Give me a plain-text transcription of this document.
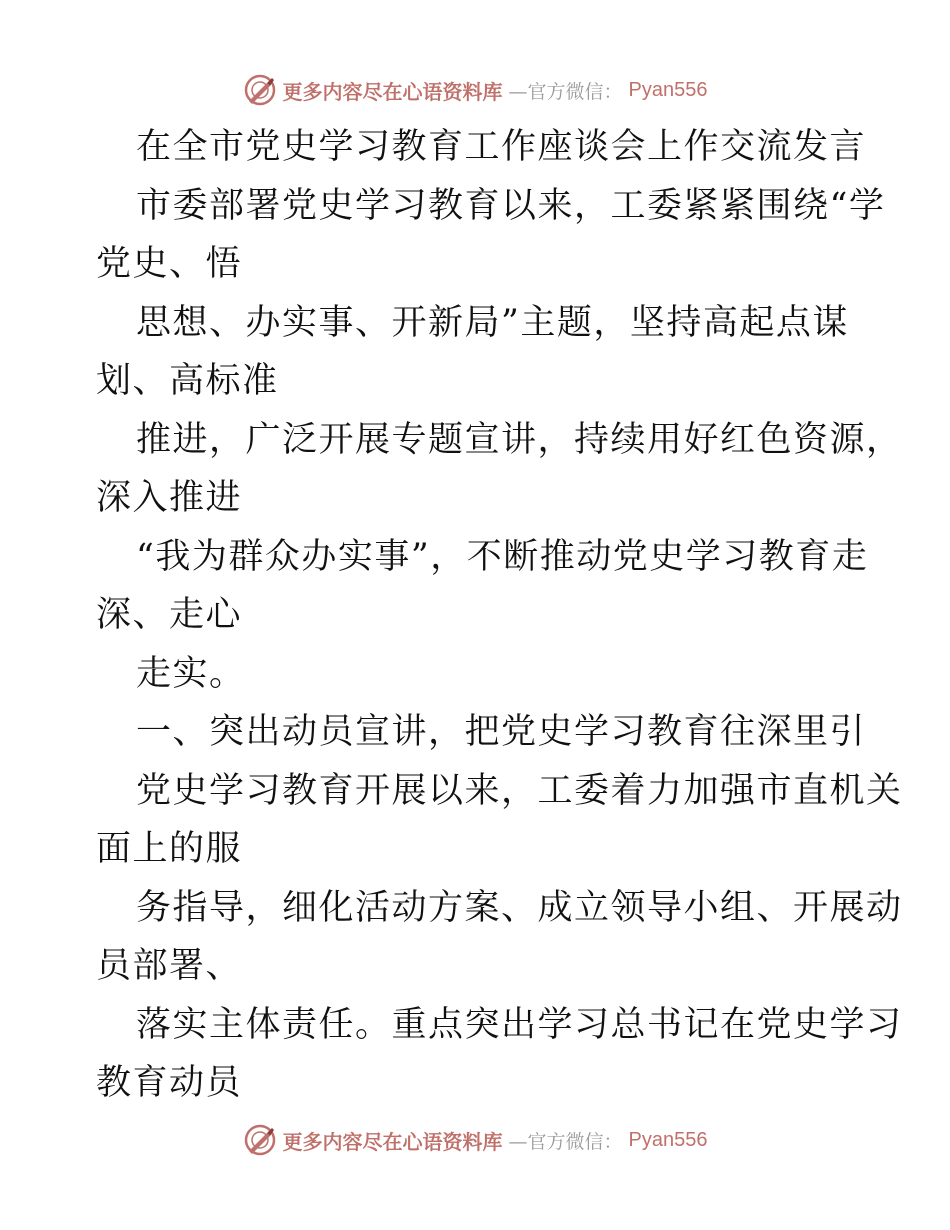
更多内容尽在心语资料库 —官方微信： Pyan556
在全市党史学习教育工作座谈会上作交流发言
市委部署党史学习教育以来，工委紧紧围绕“学
党史、悟
思想、办实事、开新局”主题，坚持高起点谋
划、高标准
推进，广泛开展专题宣讲，持续用好红色资源，
深入推进
“我为群众办实事”，不断推动党史学习教育走
深、走心
走实。
一、突出动员宣讲，把党史学习教育往深里引
党史学习教育开展以来，工委着力加强市直机关
面上的服
务指导，细化活动方案、成立领导小组、开展动
员部署、
落实主体责任。重点突出学习总书记在党史学习
教育动员
更多内容尽在心语资料库 —官方微信： Pyan556
